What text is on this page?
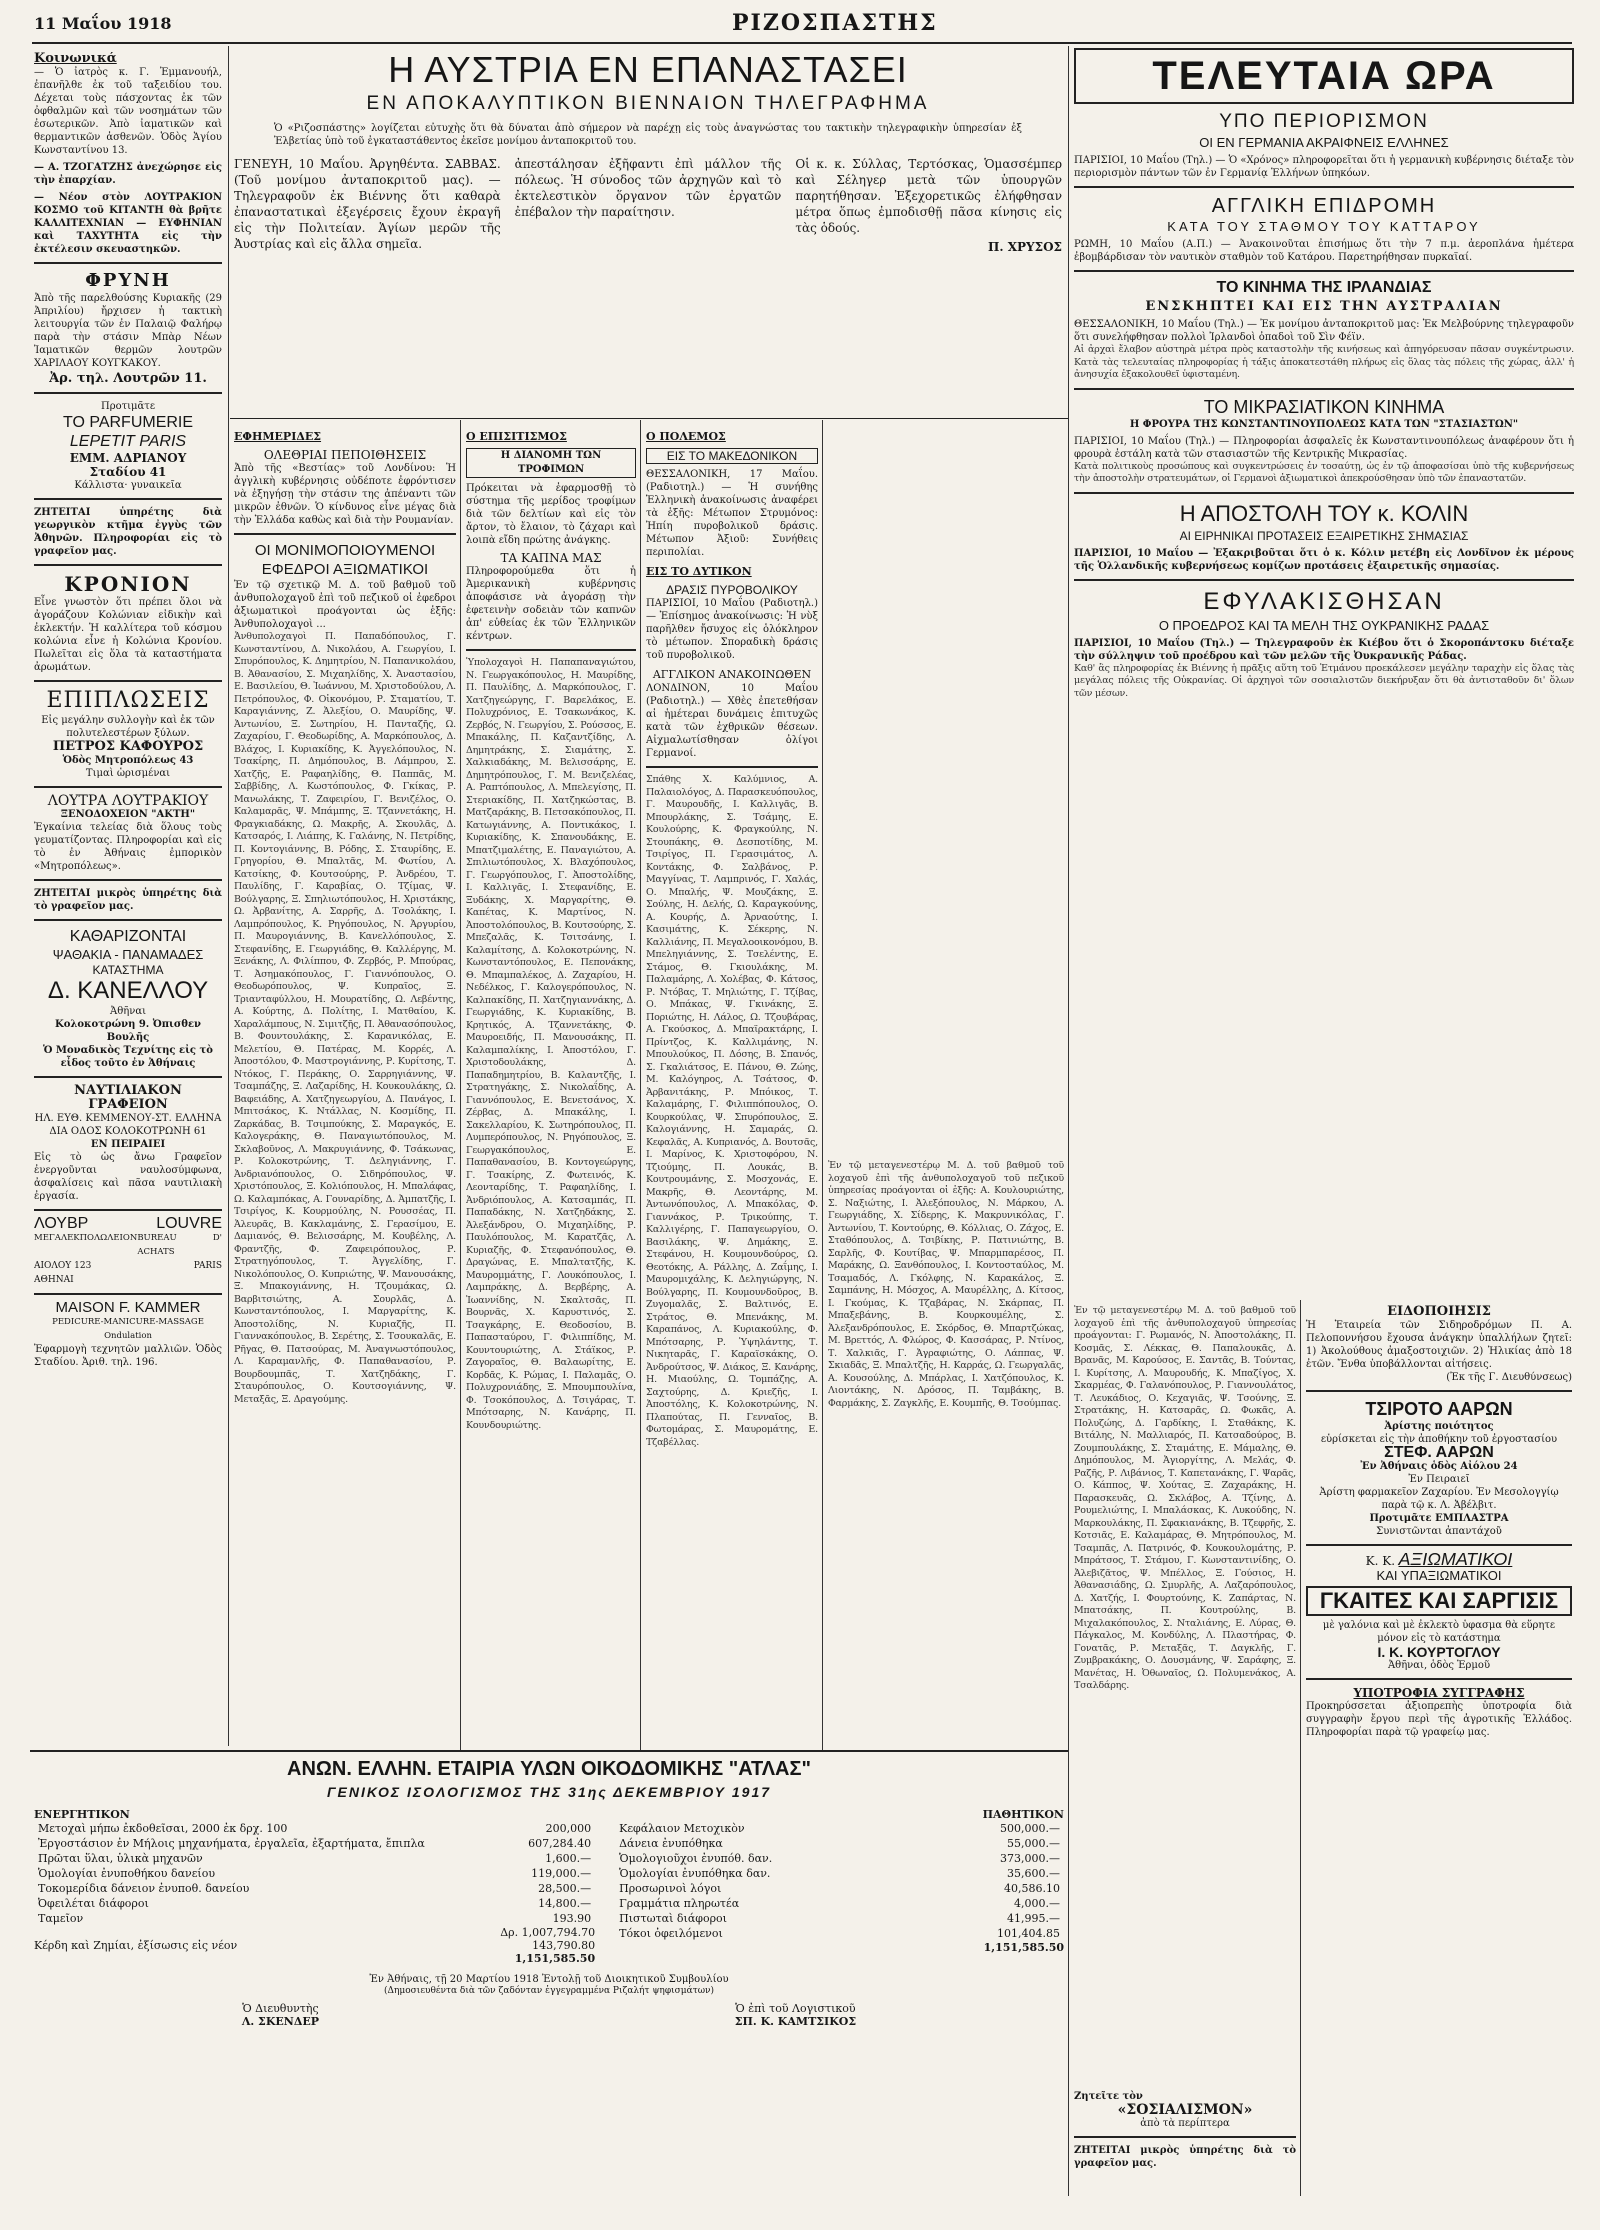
11 Μαΐου 1918	ΡΙΖΟΣΠΑΣΤΗΣ
Κοινωνικά
— Ὁ ἰατρὸς κ. Γ. Ἐμμανουήλ, ἐπανῆλθε ἐκ τοῦ ταξειδίου του. Δέχεται τοὺς πάσχοντας ἐκ τῶν ὀφθαλμῶν καὶ τῶν νοσημάτων τῶν ἐσωτερικῶν. Ἀπὸ ἰαματικῶν καὶ θερμαντικῶν ἀσθενῶν. Ὁδὸς Ἁγίου Κωνσταντίνου 13.
— Α. ΤΖΟΓΑΤΖΗΣ ἀνεχώρησε εἰς τὴν ἐπαρχίαν.
— Νέον στὸν ΛΟΥΤΡΑΚΙΟΝ ΚΟΣΜΟ τοῦ ΚΙΤΑΝΤΗ θὰ βρῆτε ΚΑΛΛΙΤΕΧΝΙΑΝ — ΕΥΦΗΝΙΑΝ καὶ ΤΑΧΥΤΗΤΑ εἰς τὴν ἐκτέλεσιν σκευαστηκῶν.
ΦΡΥΝΗ
Ἀπὸ τῆς παρελθούσης Κυριακῆς (29 Ἀπριλίου) ἤρχισεν ἡ τακτικὴ λειτουργία τῶν ἐν Παλαιῷ Φαλήρῳ παρὰ τὴν στάσιν Μπὰρ Νέων Ἰαματικῶν θερμῶν λουτρῶν ΧΑΡΙΛΑΟΥ ΚΟΥΓΚΑΚΟΥ.
Ἀρ. τηλ. Λουτρῶν 11.
Προτιμᾶτε
ΤΟ PARFUMERIE
LEPETIT PARIS
ΕΜΜ. ΑΔΡΙΑΝΟΥ
Σταδίου 41
Κάλλιστα· γυναικεῖα
ΖΗΤΕΙΤΑΙ ὑπηρέτης διὰ γεωργικὸν κτῆμα ἐγγὺς τῶν Ἀθηνῶν. Πληροφορίαι εἰς τὸ γραφεῖον μας.
ΚΡΟΝΙΟΝ
Εἶνε γνωστὸν ὅτι πρέπει ὅλοι νὰ ἀγοράζουν Κολώνιαν εἰδικὴν καὶ ἐκλεκτήν. Ἡ καλλίτερα τοῦ κόσμου κολώνια εἶνε ἡ Κολώνια Κρονίου. Πωλεῖται εἰς ὅλα τὰ καταστήματα ἀρωμάτων.
ΕΠΙΠΛΩΣΕΙΣ
Εἰς μεγάλην συλλογὴν καὶ ἐκ τῶν πολυτελεστέρων ξύλων.
ΠΕΤΡΟΣ ΚΑΦΟΥΡΟΣ
Ὁδὸς Μητροπόλεως 43
Τιμαὶ ὡρισμέναι
ΛΟΥΤΡΑ ΛΟΥΤΡΑΚΙΟΥ
ΞΕΝΟΔΟΧΕΙΟΝ "ΑΚΤΗ"
Ἐγκαίνια τελείας διὰ ὅλους τοὺς γευματίζοντας. Πληροφορίαι καὶ εἰς τὸ ἐν Ἀθήναις ἐμπορικὸν «Μητροπόλεως».
ΖΗΤΕΙΤΑΙ μικρὸς ὑπηρέτης διὰ τὸ γραφεῖον μας.
ΚΑΘΑΡΙΖΟΝΤΑΙ
ΨΑΘΑΚΙΑ - ΠΑΝΑΜΑΔΕΣ
ΚΑΤΑΣΤΗΜΑ
Δ. ΚΑΝΕΛΛΟΥ
Ἀθῆναι
Κολοκοτρώνη 9. Ὀπισθεν Βουλῆς
Ὁ Μοναδικὸς Τεχνίτης εἰς τὸ εἶδος τοῦτο ἐν Ἀθήναις
ΝΑΥΤΙΛΙΑΚΟΝ ΓΡΑΦΕΙΟΝ
ΗΛ. ΕΥΘ. ΚΕΜΜΕΝΟΥ-ΣΤ. ΕΛΛΗΝΑ ΔΙΑ ΟΔΟΣ ΚΟΛΟΚΟΤΡΩΝΗ 61
ΕΝ ΠΕΙΡΑΙΕΙ
Εἰς τὸ ὡς ἄνω Γραφεῖον ἐνεργοῦνται ναυλοσύμφωνα, ἀσφαλίσεις καὶ πᾶσα ναυτιλιακὴ ἐργασία.
ΛΟΥΒΡ	LOUVRE
ΜΕΓΑΛΕΚΠΟΛΩΛΕΙΟΝ BUREAU D' ACHATS
ΑΙΟΛΟΥ 123	PARIS
ΑΘΗΝΑΙ
MAISON F. KAMMER
PEDICURE-MANICURE-MASSAGE Ondulation
Ἐφαρμογὴ τεχνητῶν μαλλιῶν. Ὁδὸς Σταδίου. Ἀριθ. τηλ. 196.
Η ΑΥΣΤΡΙΑ ΕΝ ΕΠΑΝΑΣΤΑΣΕΙ
ΕΝ ΑΠΟΚΑΛΥΠΤΙΚΟΝ ΒΙΕΝΝΑΙΟΝ ΤΗΛΕΓΡΑΦΗΜΑ
Ὁ «Ριζοσπάστης» λογίζεται εὐτυχὴς ὅτι θὰ δύναται ἀπὸ σήμερον νὰ παρέχῃ εἰς τοὺς ἀναγνώστας του τακτικὴν τηλεγραφικὴν ὑπηρεσίαν ἐξ Ἐλβετίας ὑπὸ τοῦ ἐγκαταστάθεντος ἐκεῖσε μονίμου ἀνταποκριτοῦ του.
ΓΕΝΕΥΗ, 10 Μαΐου. Ἀργηθέντα. ΣΑΒΒΑΣ. (Τοῦ μονίμου ἀνταποκριτοῦ μας). — Τηλεγραφοῦν ἐκ Βιέννης ὅτι καθαρὰ ἐπαναστατικαὶ ἐξεγέρσεις ἔχουν ἐκραγῆ εἰς τὴν Πολιτείαν. Ἁγίων μερῶν τῆς Ἀυστρίας καὶ εἰς ἄλλα σημεῖα.
ἀπεστάλησαν ἐξῆφαντι ἐπὶ μάλλον τῆς πόλεως. Ἡ σύνοδος τῶν ἀρχηγῶν καὶ τὸ ἐκτελεστικὸν ὅργανον τῶν ἐργατῶν ἐπέβαλον τὴν παραίτησιν.
Οἱ κ. κ. Σύλλας, Τερτόσκας, Ὁμασσέμπερ καὶ Σέληγερ μετὰ τῶν ὑπουργῶν παρητήθησαν. Ἐξεχορετικῶς ἐλήφθησαν μέτρα ὅπως ἐμποδισθῇ πᾶσα κίνησις εἰς τὰς ὁδούς.
Π. ΧΡΥΣΟΣ
ΕΦΗΜΕΡΙΔΕΣ
ΟΛΕΘΡΙΑΙ ΠΕΠΟΙΘΗΣΕΙΣ
Ἀπὸ τῆς «Βεστίας» τοῦ Λονδίνου: Ἡ ἀγγλικὴ κυβέρνησις οὐδέποτε ἐφρόντισεν νὰ ἐξηγήσῃ τὴν στάσιν της ἀπέναντι τῶν μικρῶν ἐθνῶν. Ὁ κίνδυνος εἶνε μέγας διὰ τὴν Ἑλλάδα καθὼς καὶ διὰ τὴν Ρουμανίαν.
ΟΙ ΜΟΝΙΜΟΠΟΙΟΥΜΕΝΟΙ ΕΦΕΔΡΟΙ ΑΞΙΩΜΑΤΙΚΟΙ
Ἐν τῷ σχετικῷ Μ. Δ. τοῦ βαθμοῦ τοῦ ἀνθυπολοχαγοῦ ἐπὶ τοῦ πεζικοῦ οἱ ἐφεδροι ἀξιωματικοὶ προάγονται ὡς ἑξῆς: Ἀνθυπολοχαγοὶ ...
Ἀνθυπολοχαγοὶ Π. Παπαδόπουλος, Γ. Κωνσταντίνου, Δ. Νικολάου, Α. Γεωργίου, Ι. Σπυρόπουλος, Κ. Δημητρίου, Ν. Παπανικολάου, Β. Ἀθανασίου, Σ. Μιχαηλίδης, Χ. Ἀναστασίου, Ε. Βασιλείου, Θ. Ἰωάννου, Μ. Χριστοδούλου, Λ. Πετρόπουλος, Φ. Οἰκονόμου, Ρ. Σταματίου, Τ. Καραγιάννης, Ζ. Ἀλεξίου, Ο. Μαυρίδης, Ψ. Ἀντωνίου, Ξ. Σωτηρίου, Η. Πανταζῆς, Ω. Ζαχαρίου, Γ. Θεοδωρίδης, Α. Μαρκόπουλος, Δ. Βλάχος, Ι. Κυριακίδης, Κ. Ἀγγελόπουλος, Ν. Τσακίρης, Π. Δημόπουλος, Β. Λάμπρου, Σ. Χατζῆς, Ε. Ραφαηλίδης, Θ. Παππᾶς, Μ. Σαββίδης, Λ. Κωστόπουλος, Φ. Γκίκας, Ρ. Μανωλάκης, Τ. Ζαφειρίου, Γ. Βενιζέλος, Ο. Καλαμαρᾶς, Ψ. Μπάμπης, Ξ. Τζαννετάκης, Η. Φραγκιαδάκης, Ω. Μακρῆς, Α. Σκουλᾶς, Δ. Κατσαρός, Ι. Λιάπης, Κ. Γαλάνης, Ν. Πετρίδης, Π. Κοντογιάννης, Β. Ρόδης, Σ. Σταυρίδης, Ε. Γρηγορίου, Θ. Μπαλτᾶς, Μ. Φωτίου, Λ. Κατσίκης, Φ. Κουτσούρης, Ρ. Ἀνδρέου, Τ. Παυλίδης, Γ. Καραβίας, Ο. Τζίμας, Ψ. Βούλγαρης, Ξ. Σπηλιωτόπουλος, Η. Χριστάκης, Ω. Ἀρβανίτης, Α. Σαρρῆς, Δ. Τσολάκης, Ι. Λαμπρόπουλος, Κ. Ρηγόπουλος, Ν. Ἀργυρίου, Π. Μαυρογιάννης, Β. Κανελλόπουλος, Σ. Στεφανίδης, Ε. Γεωργιάδης, Θ. Καλλέργης, Μ. Ξενάκης, Λ. Φιλίππου, Φ. Ζερβός, Ρ. Μπούρας, Τ. Ἀσημακόπουλος, Γ. Γιαννόπουλος, Ο. Θεοδωρόπουλος, Ψ. Κυπραῖος, Ξ. Τριανταφύλλου, Η. Μουρατίδης, Ω. Λεβέντης, Α. Κούρτης, Δ. Πολίτης, Ι. Ματθαίου, Κ. Χαραλάμπους, Ν. Σιμιτζῆς, Π. Ἀθανασόπουλος, Β. Φουντουλάκης, Σ. Καρανικόλας, Ε. Μελετίου, Θ. Πατέρας, Μ. Κορρές, Λ. Ἀποστόλου, Φ. Μαστρογιάννης, Ρ. Κυρίτσης, Τ. Ντόκος, Γ. Περάκης, Ο. Σαρρηγιάννης, Ψ. Τσαμπάζης, Ξ. Λαζαρίδης, Η. Κουκουλάκης, Ω. Βαφειάδης, Α. Χατζηγεωργίου, Δ. Πανάγος, Ι. Μπιτσάκος, Κ. Ντάλλας, Ν. Κοσμίδης, Π. Ζαρκάδας, Β. Τσιμπούκης, Σ. Μαραγκός, Ε. Καλογεράκης, Θ. Παναγιωτόπουλος, Μ. Σκλαβοῦνος, Λ. Μακρυγιάννης, Φ. Τσάκωνας, Ρ. Κολοκοτρώνης, Τ. Δεληγιάννης, Γ. Ἀνδριανόπουλος, Ο. Σιδηρόπουλος, Ψ. Χριστόπουλος, Ξ. Κολιόπουλος, Η. Μπαλάφας, Ω. Καλαμπόκας, Α. Γουναρίδης, Δ. Ἀμπατζῆς, Ι. Τσιρίγος, Κ. Κουρμούλης, Ν. Ρουσσέας, Π. Ἀλευρᾶς, Β. Κακλαμάνης, Σ. Γερασίμου, Ε. Δαμιανός, Θ. Βελισσάρης, Μ. Κουβέλης, Λ. Φραντζῆς, Φ. Ζαφειρόπουλος, Ρ. Στρατηγόπουλος, Τ. Ἀγγελίδης, Γ. Νικολόπουλος, Ο. Κυπριώτης, Ψ. Μανουσάκης, Ξ. Μπακογιάννης, Η. Τζουμάκας, Ω. Βαρβιτσιώτης, Α. Σουρλᾶς, Δ. Κωνσταντόπουλος, Ι. Μαργαρίτης, Κ. Ἀποστολίδης, Ν. Κυριαζῆς, Π. Γιαννακόπουλος, Β. Σερέτης, Σ. Τσουκαλᾶς, Ε. Ρῆγας, Θ. Πατσούρας, Μ. Ἀναγνωστόπουλος, Λ. Καραμανλῆς, Φ. Παπαθανασίου, Ρ. Βουρδουμπᾶς, Τ. Χατζηδάκης, Γ. Σταυρόπουλος, Ο. Κουτσογιάννης, Ψ. Μεταξᾶς, Ξ. Δραγούμης.
Ο ΕΠΙΣΙΤΙΣΜΟΣ
Η ΔΙΑΝΟΜΗ ΤΩΝ ΤΡΟΦΙΜΩΝ
Πρόκειται νὰ ἐφαρμοσθῇ τὸ σύστημα τῆς μερίδος τροφίμων διὰ τῶν δελτίων καὶ εἰς τὸν ἄρτον, τὸ ἔλαιον, τὸ ζάχαρι καὶ λοιπὰ εἴδη πρώτης ἀνάγκης.
ΤΑ ΚΑΠΝΑ ΜΑΣ
Πληροφορούμεθα ὅτι ἡ Ἀμερικανικὴ κυβέρνησις ἀποφάσισε νὰ ἀγοράσῃ τὴν ἐφετεινὴν σοδειὰν τῶν καπνῶν ἀπ' εὐθείας ἐκ τῶν Ἑλληνικῶν κέντρων.
Ὑπολοχαγοὶ Η. Παπαπαναγιώτου, Ν. Γεωργακόπουλος, Η. Μαυρίδης, Π. Παυλίδης, Δ. Μαρκόπουλος, Γ. Χατζηγεώργης, Γ. Βαρελάκος, Ε. Πολυχρόνιος, Ε. Τσακωνάκος, Κ. Ζερβός, Ν. Γεωργίου, Σ. Ρούσσος, Ε. Μπακάλης, Π. Καζαντζίδης, Λ. Δημητράκης, Σ. Σιαμάτης, Σ. Χαλκιαδάκης, Μ. Βελισσάρης, Ε. Δημητρόπουλος, Γ. Μ. Βενιζελέας, Α. Ραπτόπουλος, Λ. Μπελεγίσης, Π. Στεριακίδης, Π. Χατζηκώστας, Β. Ματζαράκης, Β. Πετσακόπουλος, Π. Κατωγιάννης, Α. Ποντικάκος, Ι. Κυριακίδης, Κ. Σπανουδάκης, Ε. Μπατζιμαλέτης, Ε. Παναγιώτου, Α. Σπιλιωτόπουλος, Χ. Βλαχόπουλος, Γ. Γεωργόπουλος, Γ. Ἀποστολίδης, Ι. Καλλιγᾶς, Ι. Στεφανίδης, Ε. Ξυδάκης, Χ. Μαργαρίτης, Θ. Καπέτας, Κ. Μαρτίνος, Ν. Ἀποστολόπουλος, Β. Κουτσούρης, Σ. Μπεζαλᾶς, Κ. Τσιτσάνης, Ι. Καλαμίτσης, Δ. Κολοκοτρώνης, Ν. Κωνσταντόπουλος, Ε. Πεπονάκης, Θ. Μπαμπαλέκος, Δ. Ζαχαρίου, Η. Νεδέλκος, Γ. Καλογερόπουλος, Ν. Καλπακίδης, Π. Χατζηγιαννάκης, Δ. Γεωργιάδης, Κ. Κυριακίδης, Β. Κρητικός, Α. Τζαννετάκης, Φ. Μαυροειδής, Π. Μανουσάκης, Π. Καλαμπαλίκης, Ι. Ἀποστόλου, Γ. Χριστοδουλάκης, Δ. Παπαδημητρίου, Β. Καλαντζῆς, Ι. Στρατηγάκης, Σ. Νικολαΐδης, Α. Γιαννόπουλος, Ε. Βενετσάνος, Χ. Ζέρβας, Δ. Μπακάλης, Ι. Σακελλαρίου, Κ. Σωτηρόπουλος, Π. Λυμπερόπουλος, Ν. Ρηγόπουλος, Ξ. Γεωργακόπουλος, Ε. Παπαθανασίου, Β. Κοντογεώργης, Γ. Τσακίρης, Ζ. Φωτεινός, Κ. Λεονταρίδης, Τ. Ραφαηλίδης, Ι. Ἀνδριόπουλος, Α. Κατσαμπάς, Π. Παπαδάκης, Ν. Χατζηδάκης, Σ. Ἀλεξάνδρου, Ο. Μιχαηλίδης, Ρ. Παυλόπουλος, Μ. Καρατζᾶς, Λ. Κυριαζῆς, Φ. Στεφανόπουλος, Θ. Δραγώνας, Ε. Μπαλτατζῆς, Κ. Μαυρομμάτης, Γ. Λουκόπουλος, Ι. Λαμπράκης, Δ. Βερβέρης, Α. Ἰωαννίδης, Ν. Σκαλτσᾶς, Π. Βουρνᾶς, Χ. Καρυστινός, Σ. Τσαγκάρης, Ε. Θεοδοσίου, Β. Παπασταύρου, Γ. Φιλιππίδης, Μ. Κουντουριώτης, Λ. Στάϊκος, Ρ. Ζαγοραῖος, Θ. Βαλαωρίτης, Ε. Κορδᾶς, Κ. Ρώμας, Ι. Παλαμᾶς, Ο. Πολυχρονιάδης, Ξ. Μπουμπουλίνα, Φ. Τσοκόπουλος, Δ. Τσιγάρας, Τ. Μπότσαρης, Ν. Κανάρης, Π. Κουνδουριώτης.
Ο ΠΟΛΕΜΟΣ
ΕΙΣ ΤΟ ΜΑΚΕΔΟΝΙΚΟΝ
ΘΕΣΣΑΛΟΝΙΚΗ, 17 Μαΐου. (Ραδιοτηλ.) — Ἡ συνήθης Ἑλληνικὴ ἀνακοίνωσις ἀναφέρει τὰ ἑξῆς: Μέτωπον Στρυμόνος: Ἠπίη πυροβολικοῦ δράσις. Μέτωπον Ἀξιοῦ: Συνήθεις περιπολίαι.
ΕΙΣ ΤΟ ΔΥΤΙΚΟΝ
ΔΡΑΣΙΣ ΠΥΡΟΒΟΛΙΚΟΥ
ΠΑΡΙΣΙΟΙ, 10 Μαΐου (Ραδιοτηλ.) — Ἐπίσημος ἀνακοίνωσις: Ἡ νὺξ παρῆλθεν ἤσυχος εἰς ὁλόκληρον τὸ μέτωπον. Σποραδικὴ δράσις τοῦ πυροβολικοῦ.
ΑΓΓΛΙΚΟΝ ΑΝΑΚΟΙΝΩΘΕΝ
ΛΟΝΔΙΝΟΝ, 10 Μαΐου (Ραδιοτηλ.) — Χθὲς ἐπετεθήσαν αἱ ἡμέτεραι δυνάμεις ἐπιτυχῶς κατὰ τῶν ἐχθρικῶν θέσεων. Αἰχμαλωτίσθησαν ὀλίγοι Γερμανοί.
Σπάθης Χ. Καλύμνιος, Α. Παλαιολόγος, Δ. Παρασκευόπουλος, Γ. Μαυρουδῆς, Ι. Καλλιγᾶς, Β. Μπουρλάκης, Σ. Τσάμης, Ε. Κουλούρης, Κ. Φραγκούλης, Ν. Στουπάκης, Θ. Δεσποτίδης, Μ. Τσιρίγος, Π. Γερασιμάτος, Λ. Κοντάκης, Φ. Σαλβάνος, Ρ. Μαγγίνας, Τ. Λαμπρινός, Γ. Χαλάς, Ο. Μπαλής, Ψ. Μουζάκης, Ξ. Σούλης, Η. Δελής, Ω. Καραγκούνης, Α. Κουρής, Δ. Ἀρναούτης, Ι. Κασιμάτης, Κ. Σέκερης, Ν. Καλλιάνης, Π. Μεγαλοοικονόμου, Β. Μπεληγιάννης, Σ. Τσελέντης, Ε. Στάμος, Θ. Γκιουλάκης, Μ. Παλαμάρης, Λ. Χολέβας, Φ. Κάτσος, Ρ. Ντόβας, Τ. Μηλιώτης, Γ. Τζίβας, Ο. Μπάκας, Ψ. Γκινάκης, Ξ. Ποριώτης, Η. Λάλος, Ω. Τζουβάρας, Α. Γκούσκος, Δ. Μπαϊρακτάρης, Ι. Πρίντζος, Κ. Καλλιμάνης, Ν. Μπουλούκος, Π. Δόσης, Β. Σπανός, Σ. Γκαλιάτσος, Ε. Πάνου, Θ. Ζώης, Μ. Καλόγηρος, Λ. Τσάτσος, Φ. Ἀρβανιτάκης, Ρ. Μπόικος, Τ. Καλαμάρης, Γ. Φιλιππόπουλος, Ο. Κουρκούλας, Ψ. Σπυρόπουλος, Ξ. Καλογιάννης, Η. Σαμαράς, Ω. Κεφαλᾶς, Α. Κυπριανός, Δ. Βουτσᾶς, Ι. Μαρίνος, Κ. Χριστοφόρου, Ν. Τζιούμης, Π. Λουκάς, Β. Κουτρουμάνης, Σ. Μοσχονάς, Ε. Μακρῆς, Θ. Λεοντάρης, Μ. Ἀντωνόπουλος, Λ. Μπακόλας, Φ. Γιαννάκος, Ρ. Τρικούπης, Τ. Καλλιγέρης, Γ. Παπαγεωργίου, Ο. Βασιλάκης, Ψ. Δημάκης, Ξ. Στεφάνου, Η. Κουμουνδούρος, Ω. Θεοτόκης, Α. Ράλλης, Δ. Ζαΐμης, Ι. Μαυρομιχάλης, Κ. Δεληγιώργης, Ν. Βούλγαρης, Π. Κουμουνδοῦρος, Β. Ζυγομαλᾶς, Σ. Βαλτινός, Ε. Στράτος, Θ. Μπενάκης, Μ. Καραπάνος, Λ. Κυριακούλης, Φ. Μπότσαρης, Ρ. Ὑψηλάντης, Τ. Νικηταρᾶς, Γ. Καραϊσκάκης, Ο. Ἀνδρούτσος, Ψ. Διάκος, Ξ. Κανάρης, Η. Μιαούλης, Ω. Τομπάζης, Α. Σαχτούρης, Δ. Κριεζῆς, Ι. Ἀποστόλης, Κ. Κολοκοτρώνης, Ν. Πλαπούτας, Π. Γενναῖος, Β. Φωτομάρας, Σ. Μαυρομάτης, Ε. Τζαβέλλας.
Ἐν τῷ μεταγενεστέρῳ Μ. Δ. τοῦ βαθμοῦ τοῦ λοχαγοῦ ἐπὶ τῆς ἀνθυπολοχαγοῦ τοῦ πεζικοῦ ὑπηρεσίας προάγονται οἱ ἑξῆς: Α. Κουλουριώτης, Σ. Ναξιώτης, Ι. Ἀλεξόπουλος, Ν. Μάρκου, Λ. Γεωργιάδης, Χ. Σίδερης, Κ. Μακρυνικόλας, Γ. Ἀντωνίου, Τ. Κοντούρης, Θ. Κόλλιας, Ο. Ζάχος, Ε. Σταθόπουλος, Δ. Τσιβίκης, Ρ. Πατινιώτης, Β. Σαρλῆς, Φ. Κουτίβας, Ψ. Μπαρμπαρέσος, Π. Μαράκης, Ω. Ξανθόπουλος, Ι. Κοντοσταύλος, Μ. Τσαμαδός, Λ. Γκόλφης, Ν. Καρακάλος, Ξ. Σαμπάνης, Η. Μόσχος, Α. Μαυρέλλης, Δ. Κίτσος, Ι. Γκούμας, Κ. Τζαβάρας, Ν. Σκάρπας, Π. Μπαξεβάνης, Β. Κουρκουμέλης, Σ. Ἀλεξανδρόπουλος, Ε. Σκόρδος, Θ. Μπαρτζώκας, Μ. Βρεττός, Λ. Φλώρος, Φ. Κασσάρας, Ρ. Ντίνος, Τ. Χαλκιᾶς, Γ. Ἀγραφιώτης, Ο. Λάππας, Ψ. Σκιαδᾶς, Ξ. Μπαλτζῆς, Η. Καρράς, Ω. Γεωργαλᾶς, Α. Κουσούλης, Δ. Μπάρλας, Ι. Χατζόπουλος, Κ. Λιοντάκης, Ν. Δρόσος, Π. Ταμβάκης, Β. Φαρμάκης, Σ. Ζαγκλῆς, Ε. Κουμπῆς, Θ. Τσούμπας.
ΤΕΛΕΥΤΑΙΑ ΩΡΑ
ΥΠΟ ΠΕΡΙΟΡΙΣΜΟΝ
ΟΙ ΕΝ ΓΕΡΜΑΝΙΑ ΑΚΡΑΙΦΝΕΙΣ ΕΛΛΗΝΕΣ
ΠΑΡΙΣΙΟΙ, 10 Μαΐου (Τηλ.) — Ὁ «Χρόνος» πληροφορεῖται ὅτι ἡ γερμανικὴ κυβέρνησις διέταξε τὸν περιορισμὸν πάντων τῶν ἐν Γερμανίᾳ Ἑλλήνων ὑπηκόων.
ΑΓΓΛΙΚΗ ΕΠΙΔΡΟΜΗ
ΚΑΤΑ ΤΟΥ ΣΤΑΘΜΟΥ ΤΟΥ ΚΑΤΤΑΡΟΥ
ΡΩΜΗ, 10 Μαΐου (Α.Π.) — Ἀνακοινοῦται ἐπισήμως ὅτι τὴν 7 π.μ. ἀεροπλάνα ἡμέτερα ἐβομβάρδισαν τὸν ναυτικὸν σταθμὸν τοῦ Κατάρου. Παρετηρήθησαν πυρκαϊαί.
ΤΟ ΚΙΝΗΜΑ ΤΗΣ ΙΡΛΑΝΔΙΑΣ
ΕΝΣΚΗΠΤΕΙ ΚΑΙ ΕΙΣ ΤΗΝ ΑΥΣΤΡΑΛΙΑΝ
ΘΕΣΣΑΛΟΝΙΚΗ, 10 Μαΐου (Τηλ.) — Ἐκ μονίμου ἀνταποκριτοῦ μας: Ἐκ Μελβούρνης τηλεγραφοῦν ὅτι συνελήφθησαν πολλοὶ Ἰρλανδοὶ ὀπαδοὶ τοῦ Σὶν Φέϊν.
Αἱ ἀρχαὶ ἔλαβον αὐστηρὰ μέτρα πρὸς καταστολὴν τῆς κινήσεως καὶ ἀπηγόρευσαν πᾶσαν συγκέντρωσιν. Κατὰ τὰς τελευταίας πληροφορίας ἡ τάξις ἀποκατεστάθη πλήρως εἰς ὅλας τὰς πόλεις τῆς χώρας, ἀλλ' ἡ ἀνησυχία ἐξακολουθεῖ ὑφισταμένη.
ΤΟ ΜΙΚΡΑΣΙΑΤΙΚΟΝ ΚΙΝΗΜΑ
Η ΦΡΟΥΡΑ ΤΗΣ ΚΩΝΣΤΑΝΤΙΝΟΥΠΟΛΕΩΣ ΚΑΤΑ ΤΩΝ "ΣΤΑΣΙΑΣΤΩΝ"
ΠΑΡΙΣΙΟΙ, 10 Μαΐου (Τηλ.) — Πληροφορίαι ἀσφαλεῖς ἐκ Κωνσταντινουπόλεως ἀναφέρουν ὅτι ἡ φρουρὰ ἐστάλη κατὰ τῶν στασιαστῶν τῆς Κεντρικῆς Μικρασίας.
Κατὰ πολιτικοὺς προσώπους καὶ συγκεντρώσεις ἐν τοσαύτῃ, ὡς ἐν τῷ ἀποφασίσαι ὑπὸ τῆς κυβερνήσεως τὴν ἀποστολὴν στρατευμάτων, οἱ Γερμανοὶ ἀξιωματικοὶ ἀπεκρούσθησαν ὑπὸ τῶν ἐπαναστατῶν.
Η ΑΠΟΣΤΟΛΗ ΤΟΥ κ. ΚΟΛΙΝ
ΑΙ ΕΙΡΗΝΙΚΑΙ ΠΡΟΤΑΣΕΙΣ ΕΞΑΙΡΕΤΙΚΗΣ ΣΗΜΑΣΙΑΣ
ΠΑΡΙΣΙΟΙ, 10 Μαΐου — Ἐξακριβοῦται ὅτι ὁ κ. Κόλιν μετέβη εἰς Λονδῖνον ἐκ μέρους τῆς Ὁλλανδικῆς κυβερνήσεως κομίζων προτάσεις ἐξαιρετικῆς σημασίας.
ΕΦΥΛΑΚΙΣΘΗΣΑΝ
Ο ΠΡΟΕΔΡΟΣ ΚΑΙ ΤΑ ΜΕΛΗ ΤΗΣ ΟΥΚΡΑΝΙΚΗΣ ΡΑΔΑΣ
ΠΑΡΙΣΙΟΙ, 10 Μαΐου (Τηλ.) — Τηλεγραφοῦν ἐκ Κιέβου ὅτι ὁ Σκοροπάντσκυ διέταξε τὴν σύλληψιν τοῦ προέδρου καὶ τῶν μελῶν τῆς Ὀυκρανικῆς Ράδας.
Καθ' ἃς πληροφορίας ἐκ Βιέννης ἡ πρᾶξις αὕτη τοῦ Ἑτμάνου προεκάλεσεν μεγάλην ταραχὴν εἰς ὅλας τὰς μεγάλας πόλεις τῆς Οὐκρανίας. Οἱ ἀρχηγοὶ τῶν σοσιαλιστῶν διεκήρυξαν ὅτι θὰ ἀντισταθοῦν δι' ὅλων τῶν μέσων.
Ἐν τῷ μεταγενεστέρῳ Μ. Δ. τοῦ βαθμοῦ τοῦ λοχαγοῦ ἐπὶ τῆς ἀνθυπολοχαγοῦ ὑπηρεσίας προάγονται: Γ. Ρωμανός, Ν. Ἀποστολάκης, Π. Κοσμᾶς, Σ. Λέκκας, Θ. Παπαλουκᾶς, Δ. Βρανᾶς, Μ. Καρούσος, Ε. Σαντᾶς, Β. Τούντας, Ι. Κυρίτσης, Λ. Μαυρουδής, Κ. Μπαζίγος, Χ. Σκαρμέας, Φ. Γαλανόπουλος, Ρ. Γιαννουλάτος, Τ. Λευκάδιος, Ο. Κεχαγιᾶς, Ψ. Τσούνης, Ξ. Στρατάκης, Η. Κατσαρᾶς, Ω. Φωκᾶς, Α. Πολυζώης, Δ. Γαρδίκης, Ι. Σταθάκης, Κ. Βιτάλης, Ν. Μαλλιαρός, Π. Κατσαδούρος, Β. Ζουμπουλάκης, Σ. Σταμάτης, Ε. Μάμαλης, Θ. Δημόπουλος, Μ. Ἀγιοργίτης, Λ. Μελάς, Φ. Ραζῆς, Ρ. Λιβάνιος, Τ. Καπετανάκης, Γ. Ψαρᾶς, Ο. Κάππος, Ψ. Χούτας, Ξ. Ζαχαράκης, Η. Παρασκευᾶς, Ω. Σκλάβος, Α. Τζίνης, Δ. Ρουμελιώτης, Ι. Μπαλάσκας, Κ. Λυκούδης, Ν. Μαρκουλάκης, Π. Σφακιανάκης, Β. Τζεφρῆς, Σ. Κοτσιᾶς, Ε. Καλαμάρας, Θ. Μητρόπουλος, Μ. Τσαμπᾶς, Λ. Πατρινός, Φ. Κουκουλομάτης, Ρ. Μπράτσος, Τ. Στάμου, Γ. Κωνσταντινίδης, Ο. Ἀλεβιζᾶτος, Ψ. Μπέλλος, Ξ. Γούσιος, Η. Ἀθανασιάδης, Ω. Σμυρλῆς, Α. Λαζαρόπουλος, Δ. Χατζής, Ι. Φουρτούνης, Κ. Ζαπάρτας, Ν. Μπατσάκης, Π. Κουτρούλης, Β. Μιχαλακόπουλος, Σ. Νταλιάνης, Ε. Λύρας, Θ. Πάγκαλος, Μ. Κονδύλης, Λ. Πλαστήρας, Φ. Γονατᾶς, Ρ. Μεταξᾶς, Τ. Δαγκλῆς, Γ. Ζυμβρακάκης, Ο. Δουσμάνης, Ψ. Σαράφης, Ξ. Μανέτας, Η. Ὀθωναῖος, Ω. Πολυμενάκος, Α. Τσαλδάρης.
ΕΙΔΟΠΟΙΗΣΙΣ
Ἡ Ἑταιρεία τῶν Σιδηροδρόμων Π. Α. Πελοποννήσου ἔχουσα ἀνάγκην ὑπαλλήλων ζητεῖ: 1) Ἀκολούθους ἀμαξοστοιχιῶν. 2) Ἠλικίας ἀπὸ 18 ἐτῶν. Ἔνθα ὑποβάλλονται αἰτήσεις.
(Ἐκ τῆς Γ. Διευθύνσεως)
ΤΣΙΡΟΤΟ ΑΑΡΩΝ
Ἀρίστης ποιότητος
εὑρίσκεται εἰς τὴν ἀποθήκην τοῦ ἐργοστασίου
ΣΤΕΦ. ΑΑΡΩΝ
Ἐν Ἀθήναις ὁδὸς Αἰόλου 24
Ἐν Πειραιεῖ
Ἀρίστη φαρμακεῖον Ζαχαρίου. Ἐν Μεσολογγίῳ παρὰ τῷ κ. Λ. Ἀβέλβιτ.
Προτιμᾶτε ΕΜΠΛΑΣΤΡΑ
Συνιστῶνται ἀπαντάχοῦ
Κ. Κ. ΑΞΙΩΜΑΤΙΚΟΙ
ΚΑΙ ΥΠΑΞΙΩΜΑΤΙΚΟΙ
ΓΚΑΙΤΕΣ ΚΑΙ ΣΑΡΓΙΣΙΣ
μὲ γαλόνια καὶ μὲ ἐκλεκτὸ ὑφασμα θὰ εὕρητε μόνον εἰς τὸ κατάστημα
Ι. Κ. ΚΟΥΡΤΟΓΛΟΥ
Ἀθῆναι, ὁδὸς Ἑρμοῦ
ΥΠΟΤΡΟΦΙΑ ΣΥΓΓΡΑΦΗΣ
Προκηρύσσεται ἀξιοπρεπὴς ὑποτροφία διὰ συγγραφὴν ἔργου περὶ τῆς ἀγροτικῆς Ἑλλάδος. Πληροφορίαι παρὰ τῷ γραφείῳ μας.
Ζητεῖτε τὸν
«ΣΟΣΙΑΛΙΣΜΟΝ»
ἀπὸ τὰ περίπτερα
ΖΗΤΕΙΤΑΙ μικρὸς ὑπηρέτης διὰ τὸ γραφεῖον μας.
ΑΝΩΝ. ΕΛΛΗΝ. ΕΤΑΙΡΙΑ ΥΛΩΝ ΟΙΚΟΔΟΜΙΚΗΣ "ΑΤΛΑΣ"
ΓΕΝΙΚΟΣ ΙΣΟΛΟΓΙΣΜΟΣ ΤΗΣ 31ης ΔΕΚΕΜΒΡΙΟΥ 1917
ΕΝΕΡΓΗΤΙΚΟΝ
Μετοχαὶ μήπω ἐκδοθεῖσαι, 2000 ἐκ δρχ. 100	200,000
Ἐργοστάσιον ἐν Μήλοις μηχανήματα, ἐργαλεῖα, ἐξαρτήματα, ἔπιπλα	607,284.40
Πρῶται ὕλαι, ὑλικὰ μηχανῶν	1,600.—
Ὁμολογίαι ἐνυποθήκου δανείου	119,000.—
Τοκομερίδια δάνειον ἐνυποθ. δανείου	28,500.—
Ὀφειλέται διάφοροι	14,800.—
Ταμεῖον	193.90
Δρ. 1,007,794.70
Κέρδη καὶ Ζημίαι, ἐξίσωσις εἰς νέον	143,790.80
1,151,585.50
ΠΑΘΗΤΙΚΟΝ
Κεφάλαιον Μετοχικὸν	500,000.—
Δάνεια ἐνυπόθηκα	55,000.—
Ὁμολογιοῦχοι ἐνυπόθ. δαν.	373,000.—
Ὁμολογίαι ἐνυπόθηκα δαν.	35,600.—
Προσωρινοὶ λόγοι	40,586.10
Γραμμάτια πληρωτέα	4,000.—
Πιστωταὶ διάφοροι	41,995.—
Τόκοι ὀφειλόμενοι	101,404.85
1,151,585.50
Ἐν Ἀθήναις, τῇ 20 Μαρτίου 1918 Ἐντολῇ τοῦ Διοικητικοῦ Συμβουλίου
(Δημοσιευθέντα διὰ τῶν ζαδόνταν ἐγγεγραμμένα Ριζαλήτ ψηφισμάτων)
Ὁ Διευθυντὴς
Λ. ΣΚΕΝΔΕΡ
Ὁ ἐπὶ τοῦ Λογιστικοῦ
ΣΠ. Κ. ΚΑΜΤΣΙΚΟΣ
